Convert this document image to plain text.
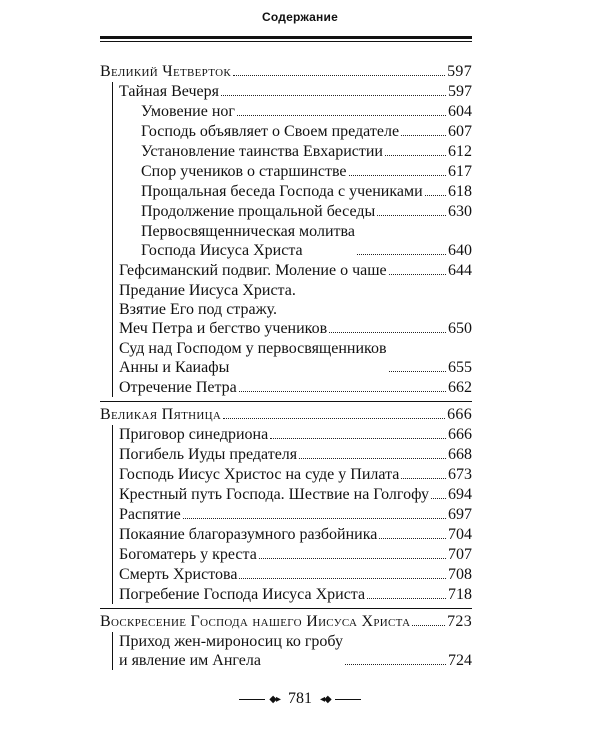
Содержание
Великий Четверток	597
Тайная Вечеря	597
Умовение ног	604
Господь объявляет о Своем предателе	607
Установление таинства Евхаристии	612
Спор учеников о старшинстве	617
Прощальная беседа Господа с учениками 618
Продолжение прощальной беседы	630
Первосвященническая молитва
Господа Иисуса Христа	640
Гефсиманский подвиг. Моление о чаше	644
Предание Иисуса Христа.
Взятие Его под стражу.
Меч Петра и бегство учеников	650
Суд над Господом у первосвященников
Анны и Каиафы	655
Отречение Петра	662
Великая Пятница	666
Приговор синедриона	666
Погибель Иуды предателя	668
Господь Иисус Христос на суде у Пилата	673
Крестный путь Господа. Шествие на Голгофу 694
Распятие	697
Покаяние благоразумного разбойника	704
Богоматерь у креста	707
Смерть Христова	708
Погребение Господа Иисуса Христа	718
Воскресение Господа нашего Иисуса Христа 723
Приход жен-мироносиц ко гробу
и явление им Ангела	724
◆▸ 781 ◂◆
